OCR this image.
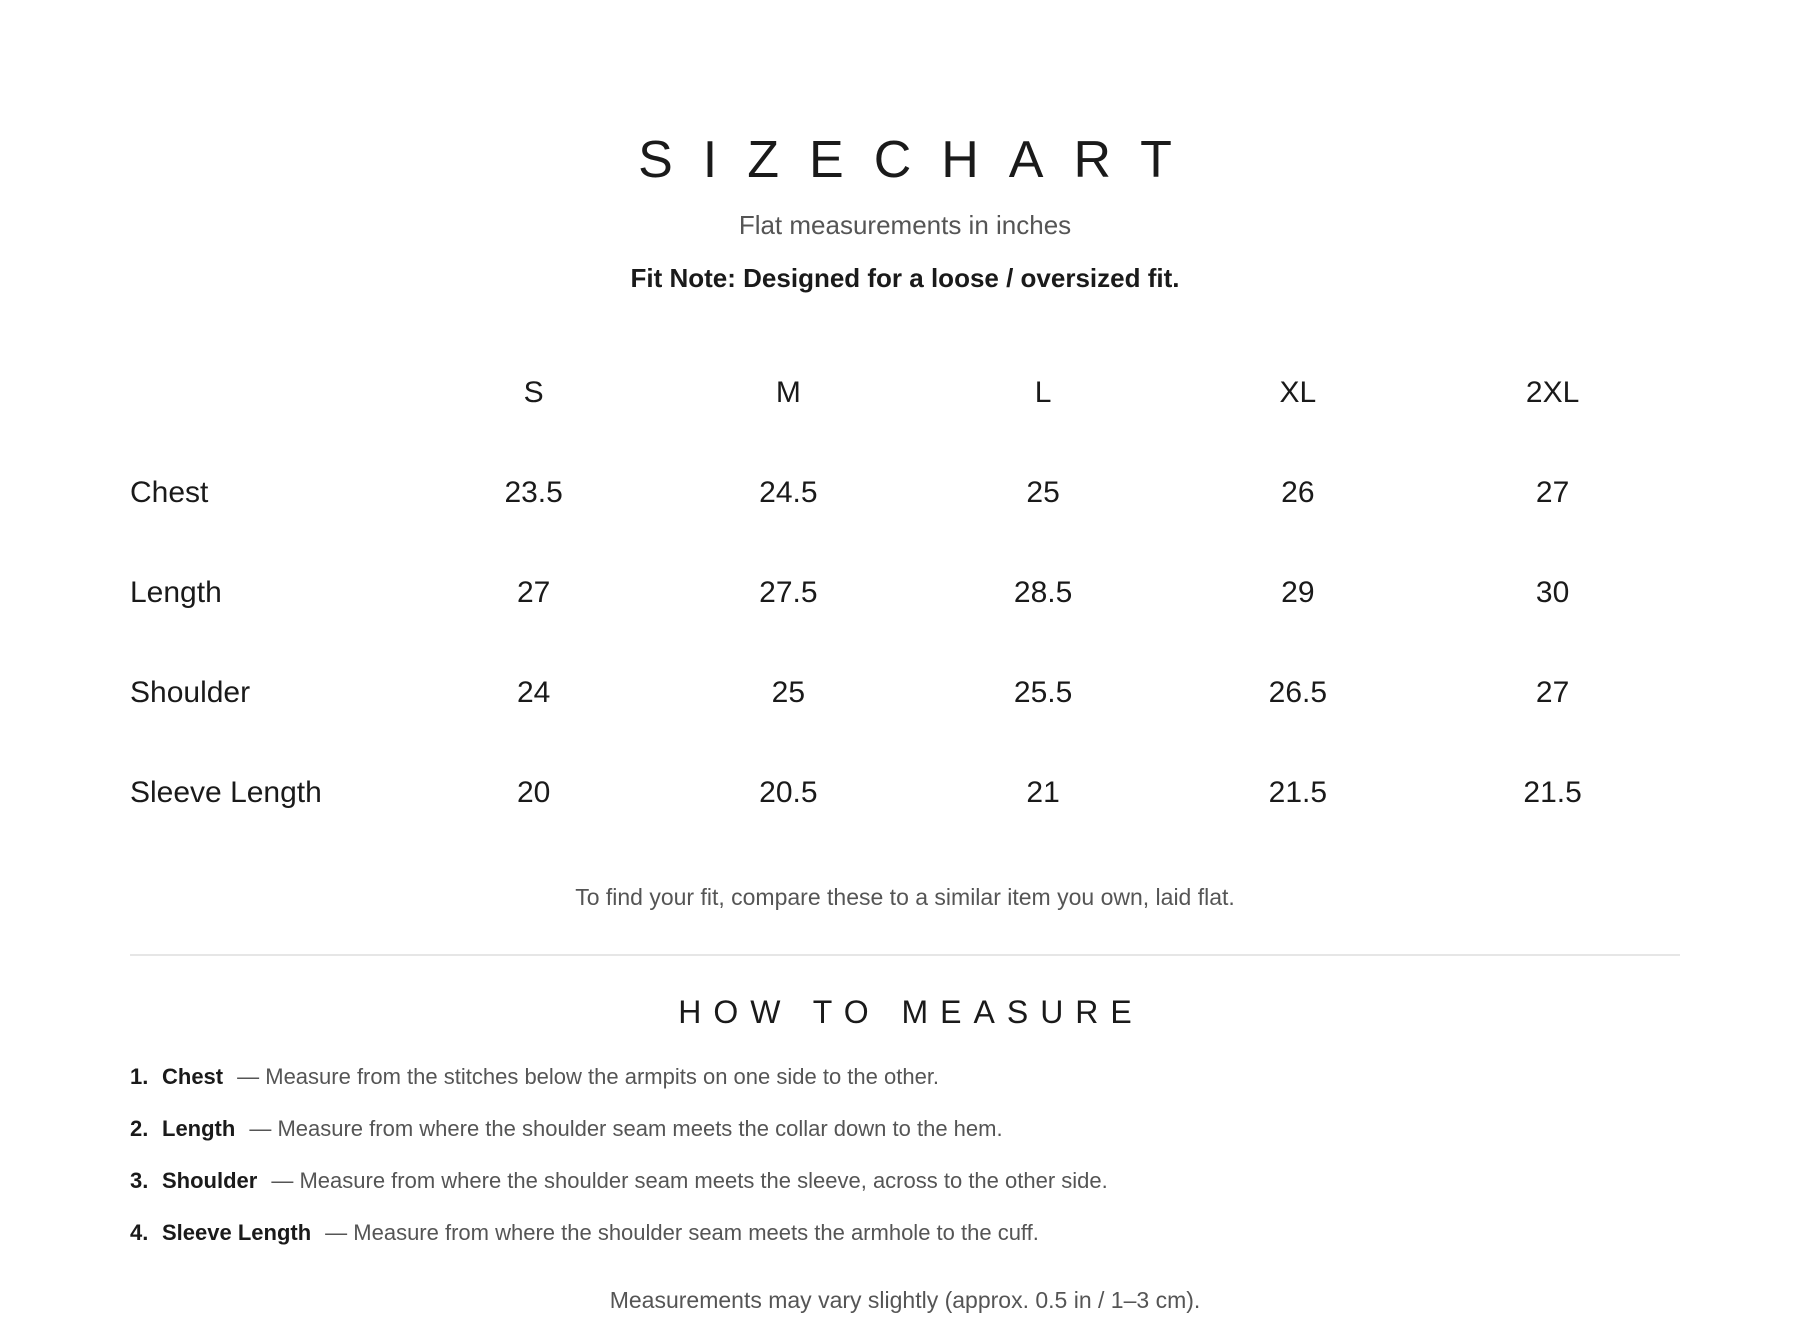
SIZECHART

Flat measurements in inches

Fit Note: Designed for a loose / oversized fit.

	S	M	L	XL	2XL
Chest	23.5	24.5	25	26	27
Length	27	27.5	28.5	29	30
Shoulder	24	25	25.5	26.5	27
Sleeve Length	20	20.5	21	21.5	21.5

To find your fit, compare these to a similar item you own, laid flat.

HOW TO MEASURE
1. Chest — Measure from the stitches below the armpits on one side to the other.
2. Length — Measure from where the shoulder seam meets the collar down to the hem.
3. Shoulder — Measure from where the shoulder seam meets the sleeve, across to the other side.
4. Sleeve Length — Measure from where the shoulder seam meets the armhole to the cuff.

Measurements may vary slightly (approx. 0.5 in / 1–3 cm).
